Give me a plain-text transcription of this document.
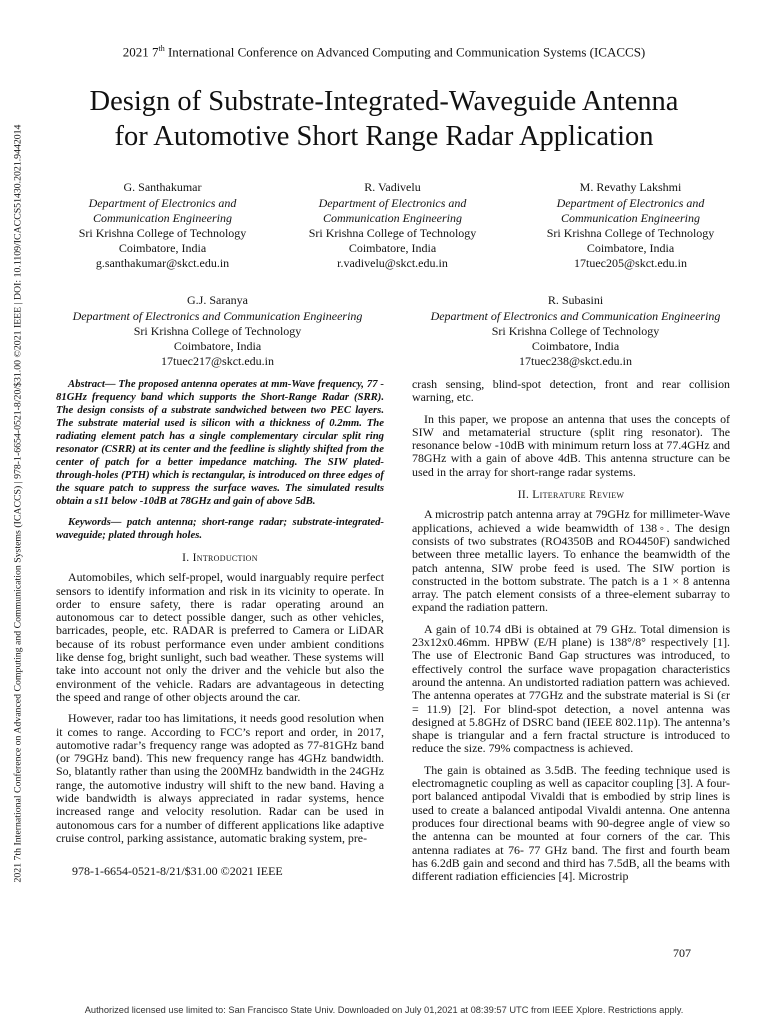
2021 7th International Conference on Advanced Computing and Communication Systems (ICACCS)
Design of Substrate-Integrated-Waveguide Antenna
for Automotive Short Range Radar Application
G. Santhakumar
Department of Electronics and
Communication Engineering
Sri Krishna College of Technology
Coimbatore, India
g.santhakumar@skct.edu.in
R. Vadivelu
Department of Electronics and
Communication Engineering
Sri Krishna College of Technology
Coimbatore, India
r.vadivelu@skct.edu.in
M. Revathy Lakshmi
Department of Electronics and
Communication Engineering
Sri Krishna College of Technology
Coimbatore, India
17tuec205@skct.edu.in
G.J. Saranya
Department of Electronics and Communication Engineering
Sri Krishna College of Technology
Coimbatore, India
17tuec217@skct.edu.in
R. Subasini
Department of Electronics and Communication Engineering
Sri Krishna College of Technology
Coimbatore, India
17tuec238@skct.edu.in
2021 7th International Conference on Advanced Computing and Communication Systems (ICACCS) | 978-1-6654-0521-8/20/$31.00 ©2021 IEEE | DOI: 10.1109/ICACCS51430.2021.9442014	Abstract— The proposed antenna operates at mm-Wave frequency, 77 - 81GHz frequency band which supports the Short-Range Radar (SRR). The design consists of a substrate sandwiched between two PEC layers. The substrate material used is silicon with a thickness of 0.2mm. The radiating element patch has a single complementary circular split ring resonator (CSRR) at its center and the feedline is slightly shifted from the center of patch for a better impedance matching. The SIW plated-through-holes (PTH) which is rectangular, is introduced on three edges of the square patch to suppress the surface waves. The simulated results obtain a s11 below -10dB at 78GHz and gain of above 5dB.

Keywords— patch antenna; short-range radar; substrate-integrated-waveguide; plated through holes.

I. Introduction

Automobiles, which self-propel, would inarguably require perfect sensors to identify information and risk in its vicinity to operate. In order to ensure safety, there is radar operating around an autonomous car to detect possible danger, such as other vehicles, barricades, people, etc. RADAR is preferred to Camera or LiDAR because of its robust performance even under ambient conditions like dense fog, bright sunlight, such bad weather. These systems will take into account not only the driver and the vehicle but also the environment of the vehicle. Radars are advantageous in detecting the speed and range of other objects around the car.

However, radar too has limitations, it needs good resolution when it comes to range. According to FCC’s report and order, in 2017, automotive radar’s frequency range was adopted as 77-81GHz band (or 79GHz band). This new frequency range has 4GHz bandwidth. So, blatantly rather than using the 200MHz bandwidth in the 24GHz range, the automotive industry will shift to the new band. Having a wide bandwidth is always appreciated in radar systems, hence increased range and velocity resolution. Radar can be used in autonomous cars for a number of different applications like adaptive cruise control, parking assistance, automatic braking system, pre-

crash sensing, blind-spot detection, front and rear collision warning, etc.

In this paper, we propose an antenna that uses the concepts of SIW and metamaterial structure (split ring resonator). The resonance below -10dB with minimum return loss at 77.4GHz and 78GHz with a gain of above 4dB. This antenna structure can be used in the array for short-range radar systems.

II. Literature Review

A microstrip patch antenna array at 79GHz for millimeter-Wave applications, achieved a wide beamwidth of 138◦. The design consists of two substrates (RO4350B and RO4450F) sandwiched between three metallic layers. To enhance the beamwidth of the patch antenna, SIW probe feed is used. The SIW portion is constructed in the bottom substrate. The patch is a 1 × 8 antenna array. The patch element consists of a three-element subarray to expand the radiation pattern.

A gain of 10.74 dBi is obtained at 79 GHz. Total dimension is 23x12x0.46mm. HPBW (E/H plane) is 138°/8° respectively [1]. The use of Electronic Band Gap structures was introduced, to effectively control the surface wave propagation characteristics around the antenna. An undistorted radiation pattern was achieved. The antenna operates at 77GHz and the substrate material is Si (εr = 11.9) [2]. For blind-spot detection, a novel antenna was designed at 5.8GHz of DSRC band (IEEE 802.11p). The antenna’s shape is triangular and a fern fractal structure is introduced to reduce the size. 79% compactness is achieved.

The gain is obtained as 3.5dB. The feeding technique used is electromagnetic coupling as well as capacitor coupling [3]. A four-port balanced antipodal Vivaldi that is embodied by strip lines is used to create a balanced antipodal Vivaldi antenna. One antenna produces four directional beams with 90-degree angle of view so the antenna can be mounted at four corners of the car. This antenna radiates at 76- 77 GHz band. The first and fourth beam has 6.2dB gain and second and third has 7.5dB, all the beams with different radiation efficiencies [4]. Microstrip

978-1-6654-0521-8/21/$31.00 ©2021 IEEE
707
Authorized licensed use limited to: San Francisco State Univ. Downloaded on July 01,2021 at 08:39:57 UTC from IEEE Xplore. Restrictions apply.
